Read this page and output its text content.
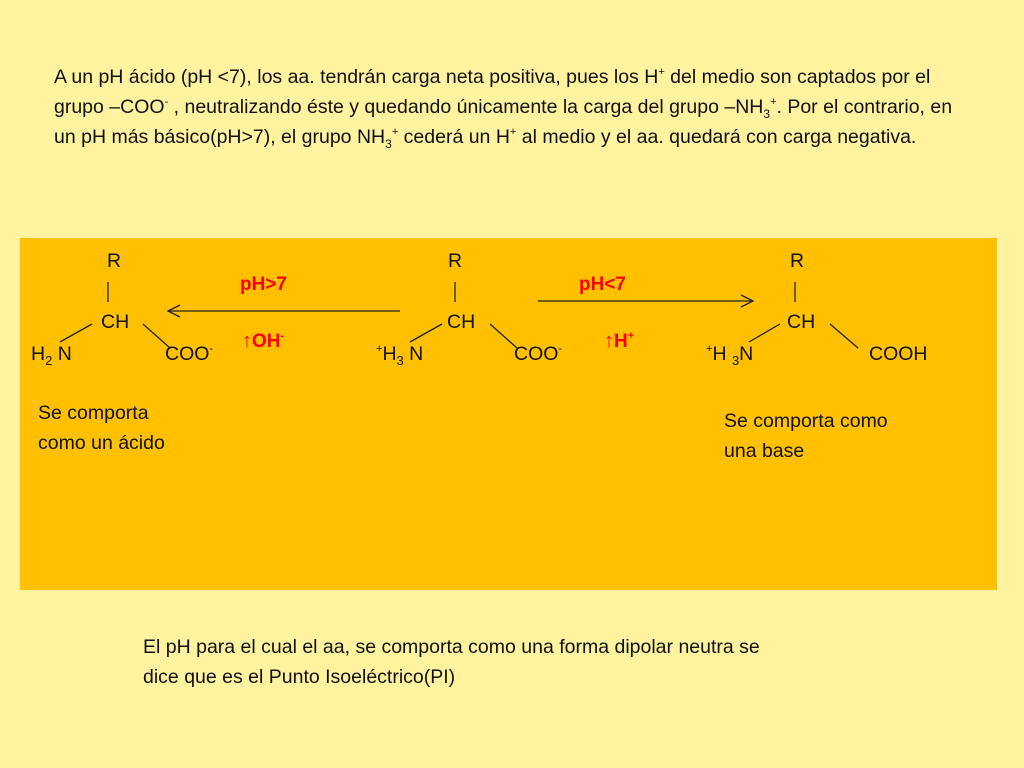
A un pH ácido (pH <7), los aa. tendrán carga neta positiva, pues los H+ del medio son captados por el grupo –COO- , neutralizando éste y quedando únicamente la carga del grupo $-NH_3^+$. Por el contrario, en un pH más básico(pH>7), el grupo $NH_3^+$ cederá un H+ al medio y el aa. quedará con carga negativa.
R
CH
$H_2$ N	COO-
R
CH
$^+H_3$ N	COO-
R
CH
+H $_3$N	COOH
pH>7
↑OH-
pH<7
↑H+
Se comporta
como un ácido
Se comporta como
una base
El pH para el cual el aa, se comporta como una forma dipolar neutra se
dice que es el Punto Isoeléctrico(PI)
